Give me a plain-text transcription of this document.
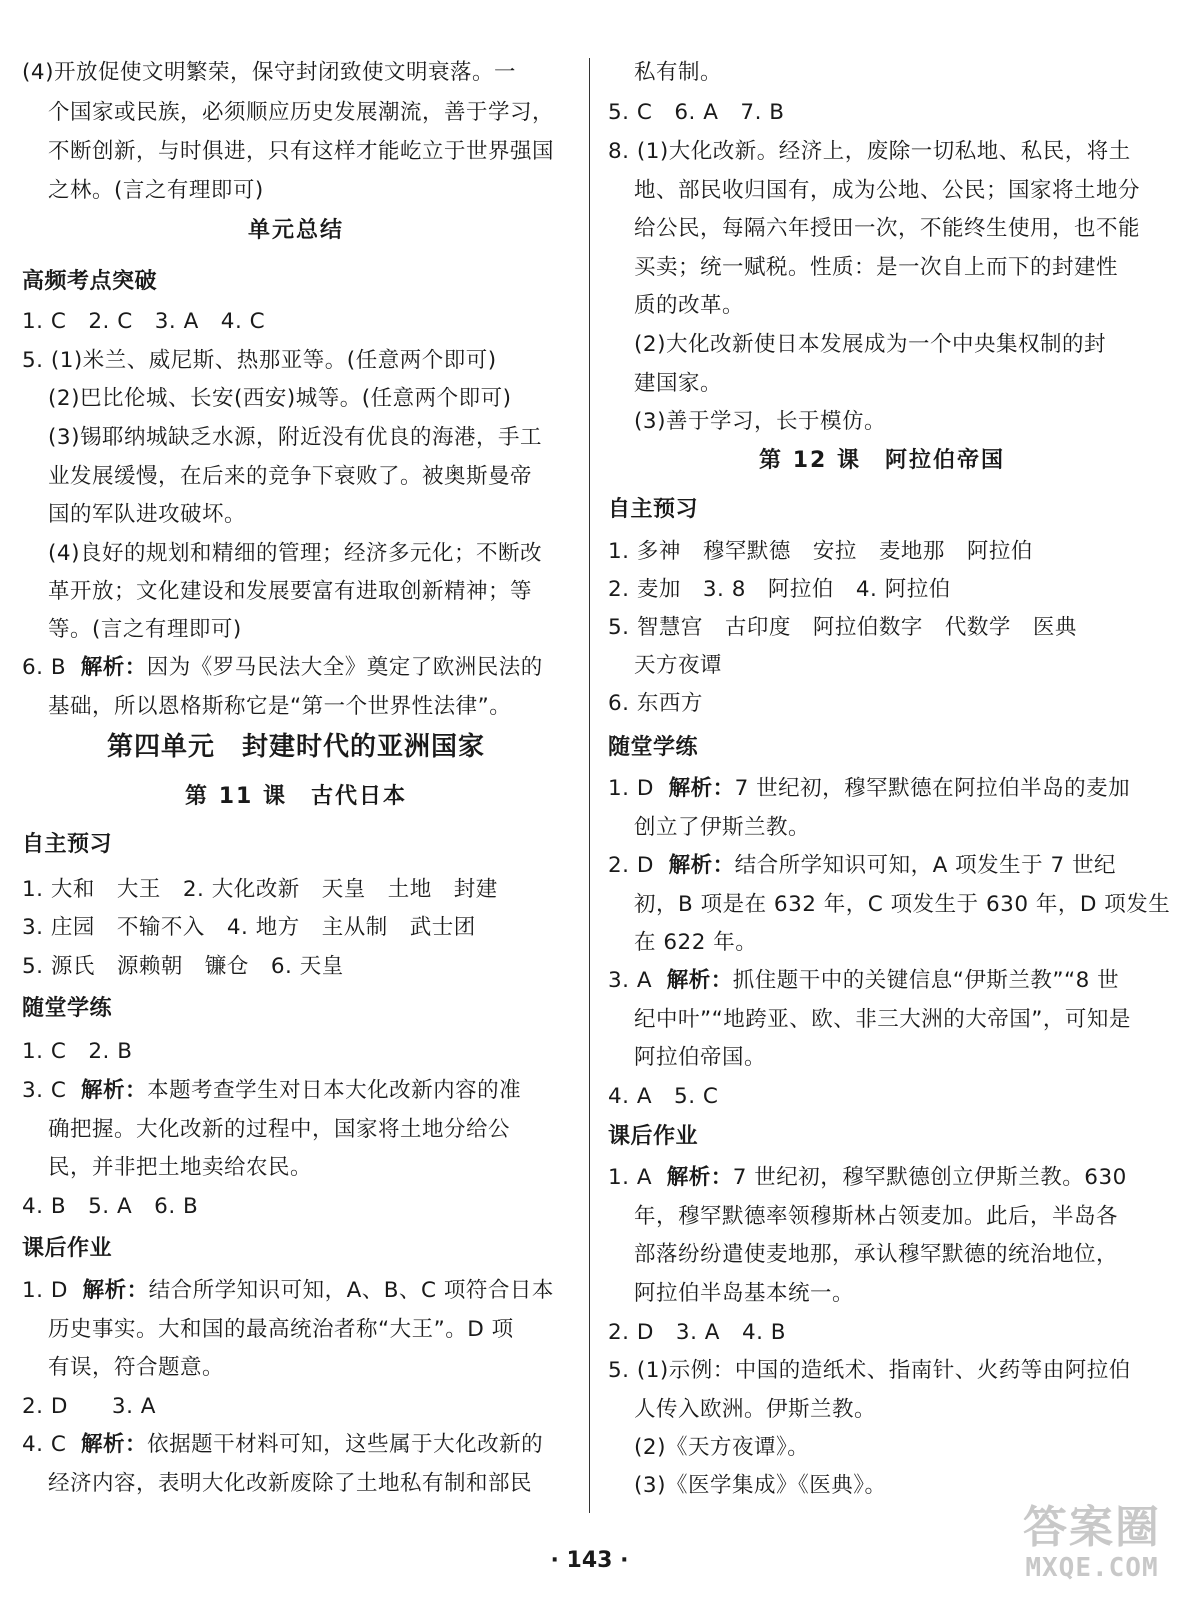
(4)开放促使文明繁荣，保守封闭致使文明衰落。一
个国家或民族，必须顺应历史发展潮流，善于学习，
不断创新，与时俱进，只有这样才能屹立于世界强国
之林。(言之有理即可)
单元总结
高频考点突破
1. C　2. C　3. A　4. C
5. (1)米兰、威尼斯、热那亚等。(任意两个即可)
(2)巴比伦城、长安(西安)城等。(任意两个即可)
(3)锡耶纳城缺乏水源，附近没有优良的海港，手工
业发展缓慢，在后来的竞争下衰败了。被奥斯曼帝
国的军队进攻破坏。
(4)良好的规划和精细的管理；经济多元化；不断改
革开放；文化建设和发展要富有进取创新精神；等
等。(言之有理即可)
6. B 解析：因为《罗马民法大全》奠定了欧洲民法的
基础，所以恩格斯称它是“第一个世界性法律”。
第四单元　封建时代的亚洲国家
第 11 课　古代日本
自主预习
1. 大和　大王　2. 大化改新　天皇　土地　封建
3. 庄园　不输不入　4. 地方　主从制　武士团
5. 源氏　源赖朝　镰仓　6. 天皇
随堂学练
1. C　2. B
3. C 解析：本题考查学生对日本大化改新内容的准
确把握。大化改新的过程中，国家将土地分给公
民，并非把土地卖给农民。
4. B　5. A　6. B
课后作业
1. D 解析：结合所学知识可知，A、B、C 项符合日本
历史事实。大和国的最高统治者称“大王”。D 项
有误，符合题意。
2. D　　3. A
4. C 解析：依据题干材料可知，这些属于大化改新的
经济内容，表明大化改新废除了土地私有制和部民
私有制。
5. C　6. A　7. B
8. (1)大化改新。经济上，废除一切私地、私民，将土
地、部民收归国有，成为公地、公民；国家将土地分
给公民，每隔六年授田一次，不能终生使用，也不能
买卖；统一赋税。性质：是一次自上而下的封建性
质的改革。
(2)大化改新使日本发展成为一个中央集权制的封
建国家。
(3)善于学习，长于模仿。
第 12 课　阿拉伯帝国
自主预习
1. 多神　穆罕默德　安拉　麦地那　阿拉伯
2. 麦加　3. 8　阿拉伯　4. 阿拉伯
5. 智慧宫　古印度　阿拉伯数字　代数学　医典
天方夜谭
6. 东西方
随堂学练
1. D 解析：7 世纪初，穆罕默德在阿拉伯半岛的麦加
创立了伊斯兰教。
2. D 解析：结合所学知识可知，A 项发生于 7 世纪
初，B 项是在 632 年，C 项发生于 630 年，D 项发生
在 622 年。
3. A 解析：抓住题干中的关键信息“伊斯兰教”“8 世
纪中叶”“地跨亚、欧、非三大洲的大帝国”，可知是
阿拉伯帝国。
4. A　5. C
课后作业
1. A 解析：7 世纪初，穆罕默德创立伊斯兰教。630
年，穆罕默德率领穆斯林占领麦加。此后，半岛各
部落纷纷遣使麦地那，承认穆罕默德的统治地位，
阿拉伯半岛基本统一。
2. D　3. A　4. B
5. (1)示例：中国的造纸术、指南针、火药等由阿拉伯
人传入欧洲。伊斯兰教。
(2)《天方夜谭》。
(3)《医学集成》《医典》。
· 143 ·
答案圈
MXQE.COM
